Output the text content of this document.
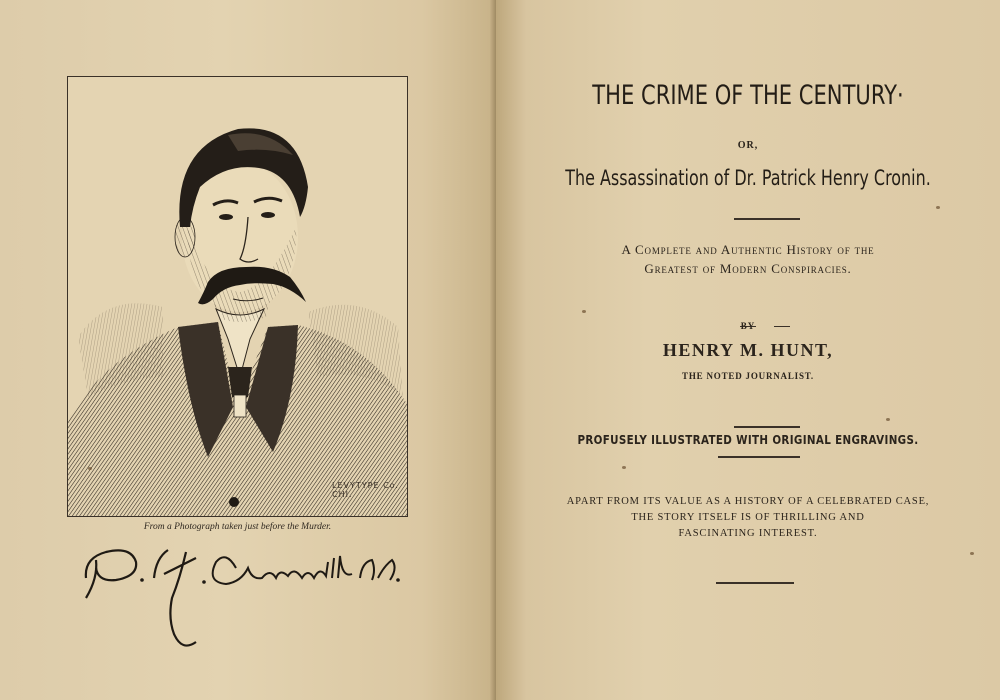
LEVYTYPE Co. CHI.
From a Photograph taken just before the Murder.
THE CRIME OF THE CENTURY·
OR,
The Assassination of Dr. Patrick Henry Cronin.
A Complete and Authentic History of the
Greatest of Modern Conspiracies.
BY
HENRY M. HUNT,
THE NOTED JOURNALIST.
PROFUSELY ILLUSTRATED WITH ORIGINAL ENGRAVINGS.
APART FROM ITS VALUE AS A HISTORY OF A CELEBRATED CASE,
THE STORY ITSELF IS OF THRILLING AND
FASCINATING INTEREST.
